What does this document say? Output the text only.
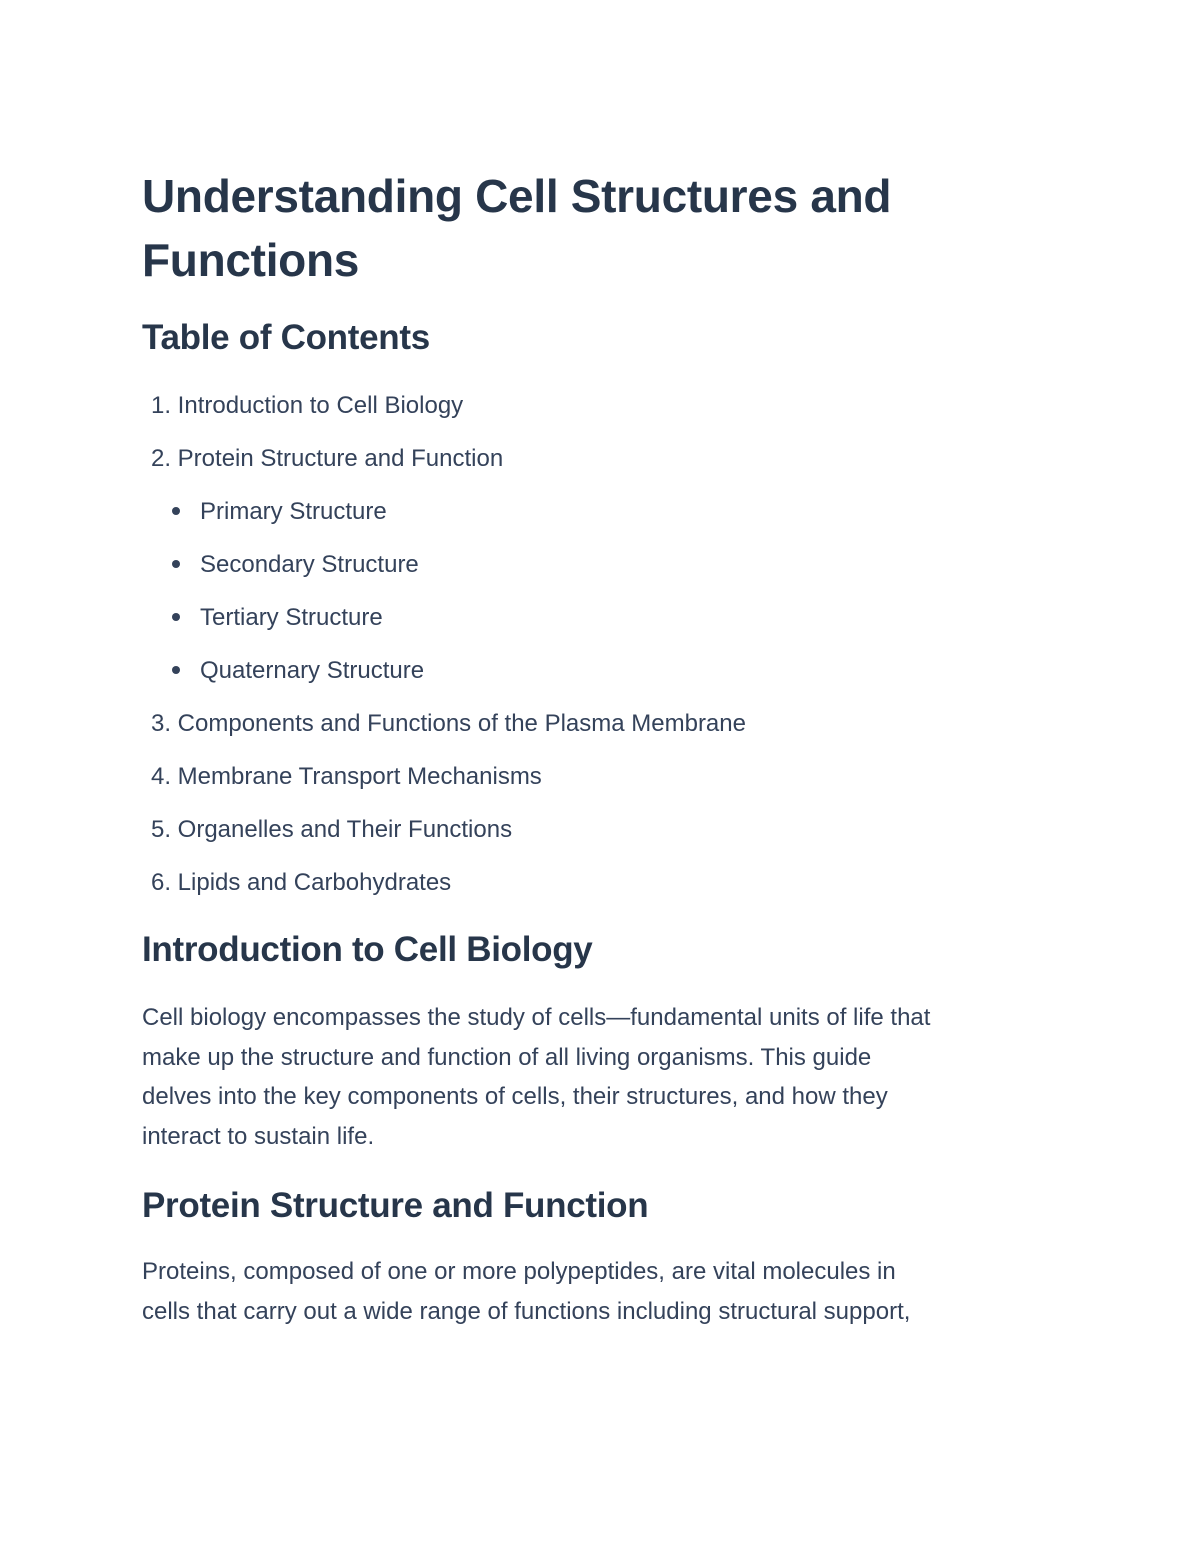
Understanding Cell Structures and
Functions
Table of Contents
1. Introduction to Cell Biology
2. Protein Structure and Function
Primary Structure
Secondary Structure
Tertiary Structure
Quaternary Structure
3. Components and Functions of the Plasma Membrane
4. Membrane Transport Mechanisms
5. Organelles and Their Functions
6. Lipids and Carbohydrates
Introduction to Cell Biology

Cell biology encompasses the study of cells—fundamental units of life that
make up the structure and function of all living organisms. This guide
delves into the key components of cells, their structures, and how they
interact to sustain life.

Protein Structure and Function

Proteins, composed of one or more polypeptides, are vital molecules in
cells that carry out a wide range of functions including structural support,
